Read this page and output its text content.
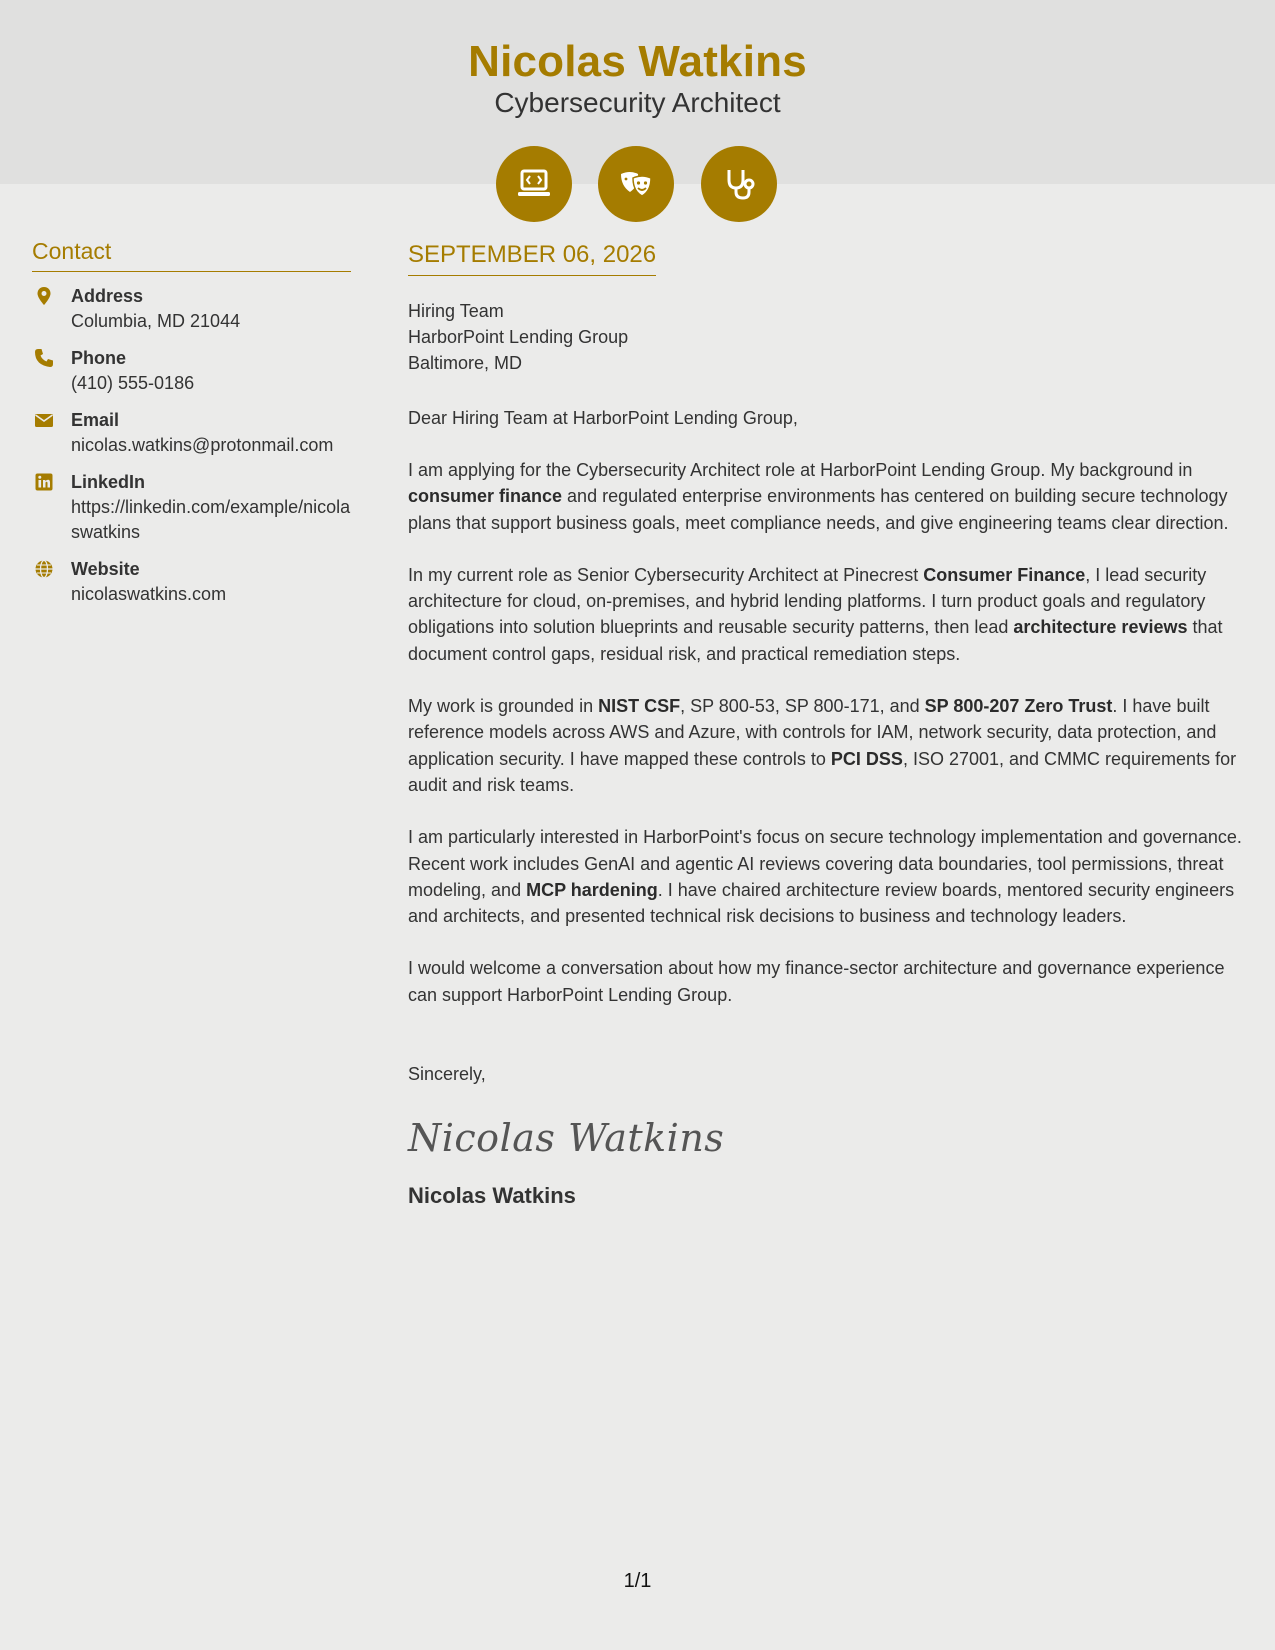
Nicolas Watkins
Cybersecurity Architect
Contact
Address
Columbia, MD 21044
Phone
(410) 555-0186
Email
nicolas.watkins@protonmail.com
LinkedIn
https://linkedin.com/example/nicolaswatkins
Website
nicolaswatkins.com
SEPTEMBER 06, 2026
Hiring Team
HarborPoint Lending Group
Baltimore, MD
Dear Hiring Team at HarborPoint Lending Group,
I am applying for the Cybersecurity Architect role at HarborPoint Lending Group. My background in consumer finance and regulated enterprise environments has centered on building secure technology plans that support business goals, meet compliance needs, and give engineering teams clear direction.
In my current role as Senior Cybersecurity Architect at Pinecrest Consumer Finance, I lead security architecture for cloud, on-premises, and hybrid lending platforms. I turn product goals and regulatory obligations into solution blueprints and reusable security patterns, then lead architecture reviews that document control gaps, residual risk, and practical remediation steps.
My work is grounded in NIST CSF, SP 800-53, SP 800-171, and SP 800-207 Zero Trust. I have built reference models across AWS and Azure, with controls for IAM, network security, data protection, and application security. I have mapped these controls to PCI DSS, ISO 27001, and CMMC requirements for audit and risk teams.
I am particularly interested in HarborPoint's focus on secure technology implementation and governance. Recent work includes GenAI and agentic AI reviews covering data boundaries, tool permissions, threat modeling, and MCP hardening. I have chaired architecture review boards, mentored security engineers and architects, and presented technical risk decisions to business and technology leaders.
I would welcome a conversation about how my finance-sector architecture and governance experience can support HarborPoint Lending Group.
Sincerely,
Nicolas Watkins
Nicolas Watkins
1/1
